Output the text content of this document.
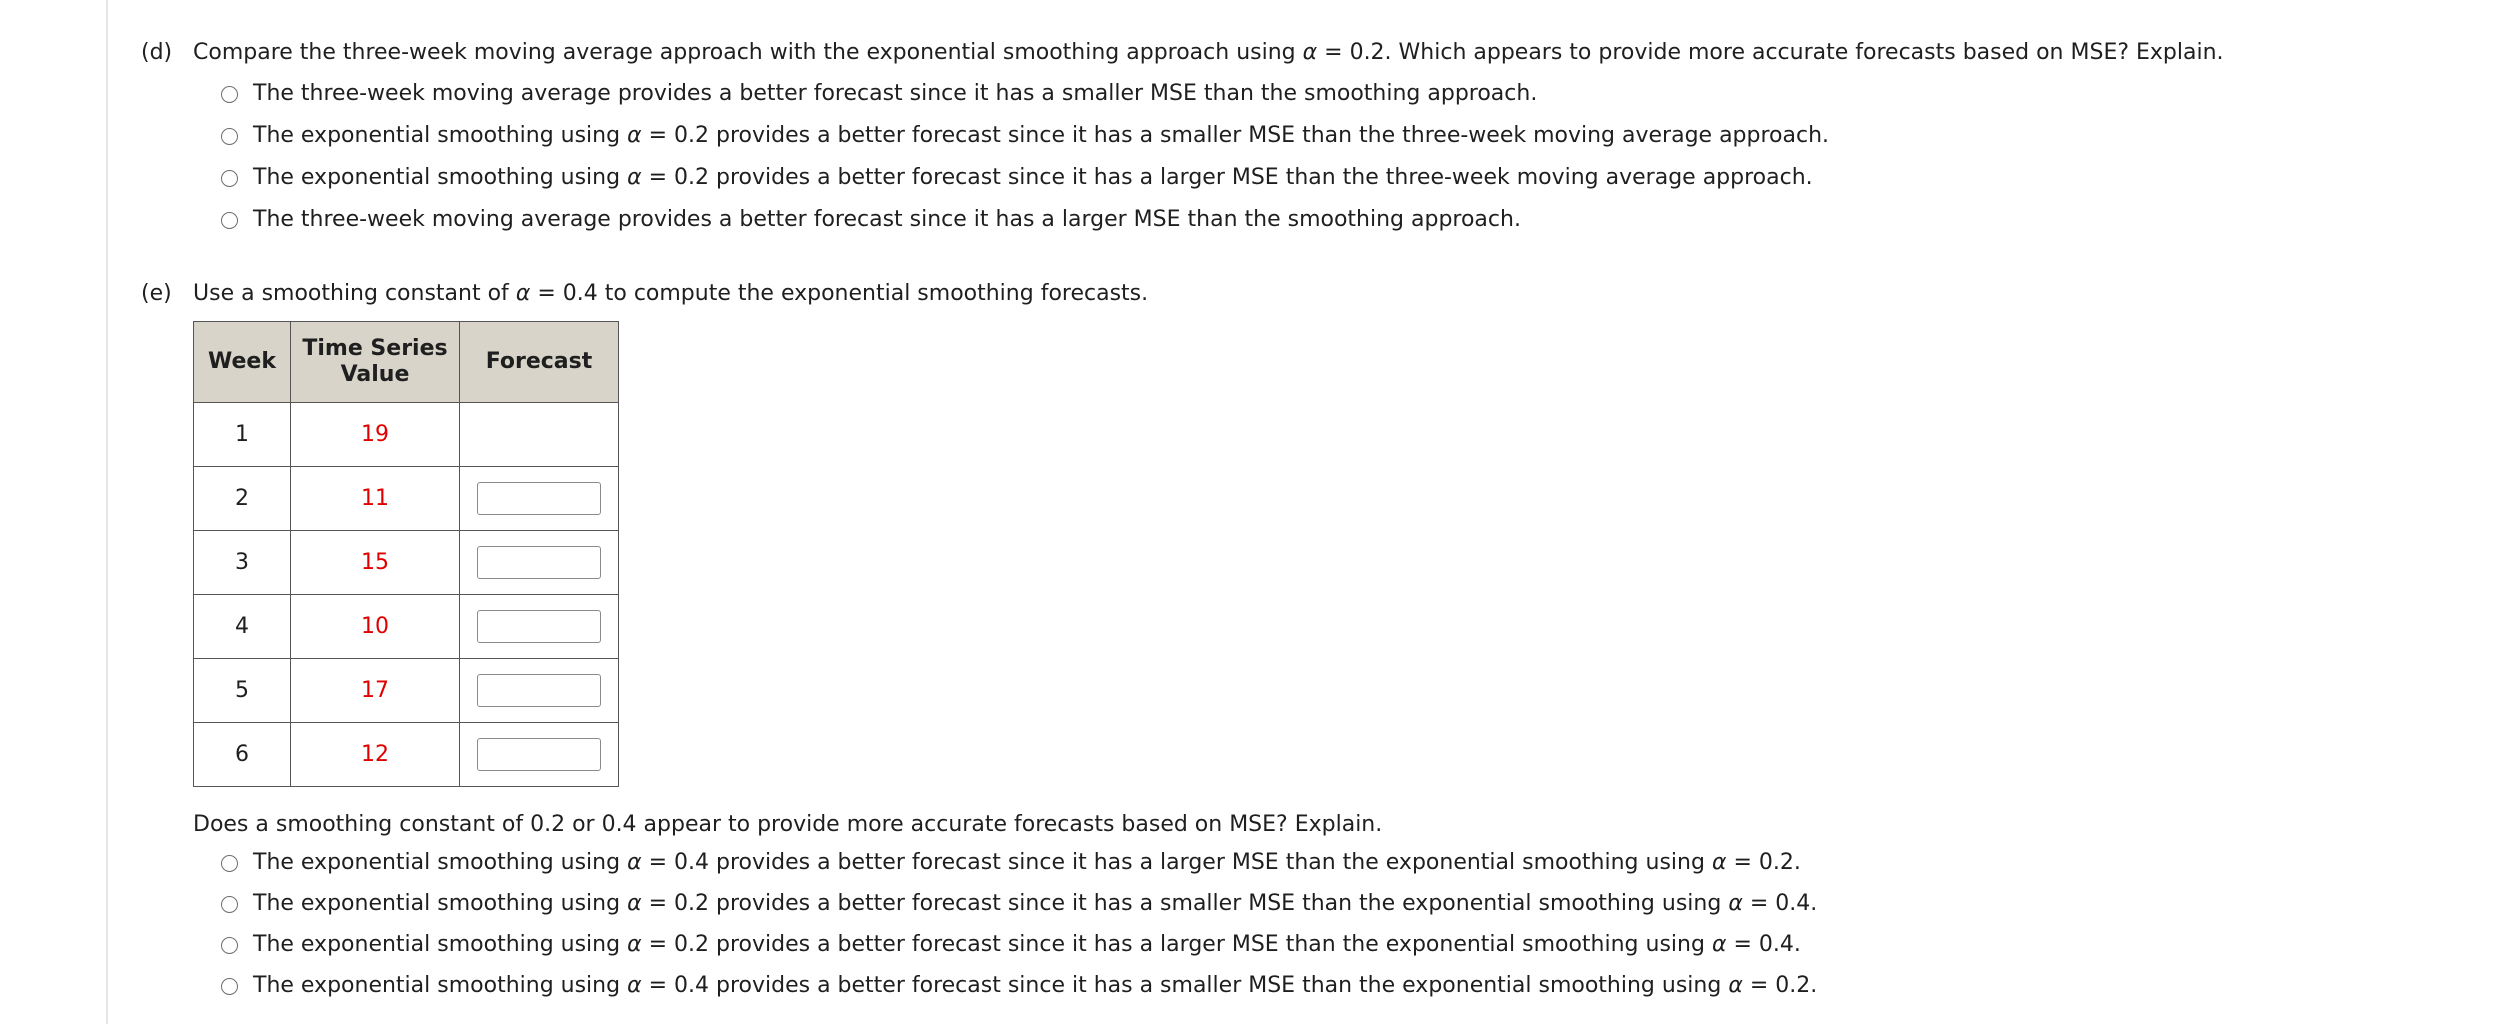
(d) Compare the three-week moving average approach with the exponential smoothing approach using α = 0.2. Which appears to provide more accurate forecasts based on MSE? Explain.
The three-week moving average provides a better forecast since it has a smaller MSE than the smoothing approach.
The exponential smoothing using α = 0.2 provides a better forecast since it has a smaller MSE than the three-week moving average approach.
The exponential smoothing using α = 0.2 provides a better forecast since it has a larger MSE than the three-week moving average approach.
The three-week moving average provides a better forecast since it has a larger MSE than the smoothing approach.
(e) Use a smoothing constant of α = 0.4 to compute the exponential smoothing forecasts.
Week	Time Series Value	Forecast
1	19	
2	11	

3	15	

4	10	

5	17	

6	12	
Does a smoothing constant of 0.2 or 0.4 appear to provide more accurate forecasts based on MSE? Explain.
The exponential smoothing using α = 0.4 provides a better forecast since it has a larger MSE than the exponential smoothing using α = 0.2.
The exponential smoothing using α = 0.2 provides a better forecast since it has a smaller MSE than the exponential smoothing using α = 0.4.
The exponential smoothing using α = 0.2 provides a better forecast since it has a larger MSE than the exponential smoothing using α = 0.4.
The exponential smoothing using α = 0.4 provides a better forecast since it has a smaller MSE than the exponential smoothing using α = 0.2.
